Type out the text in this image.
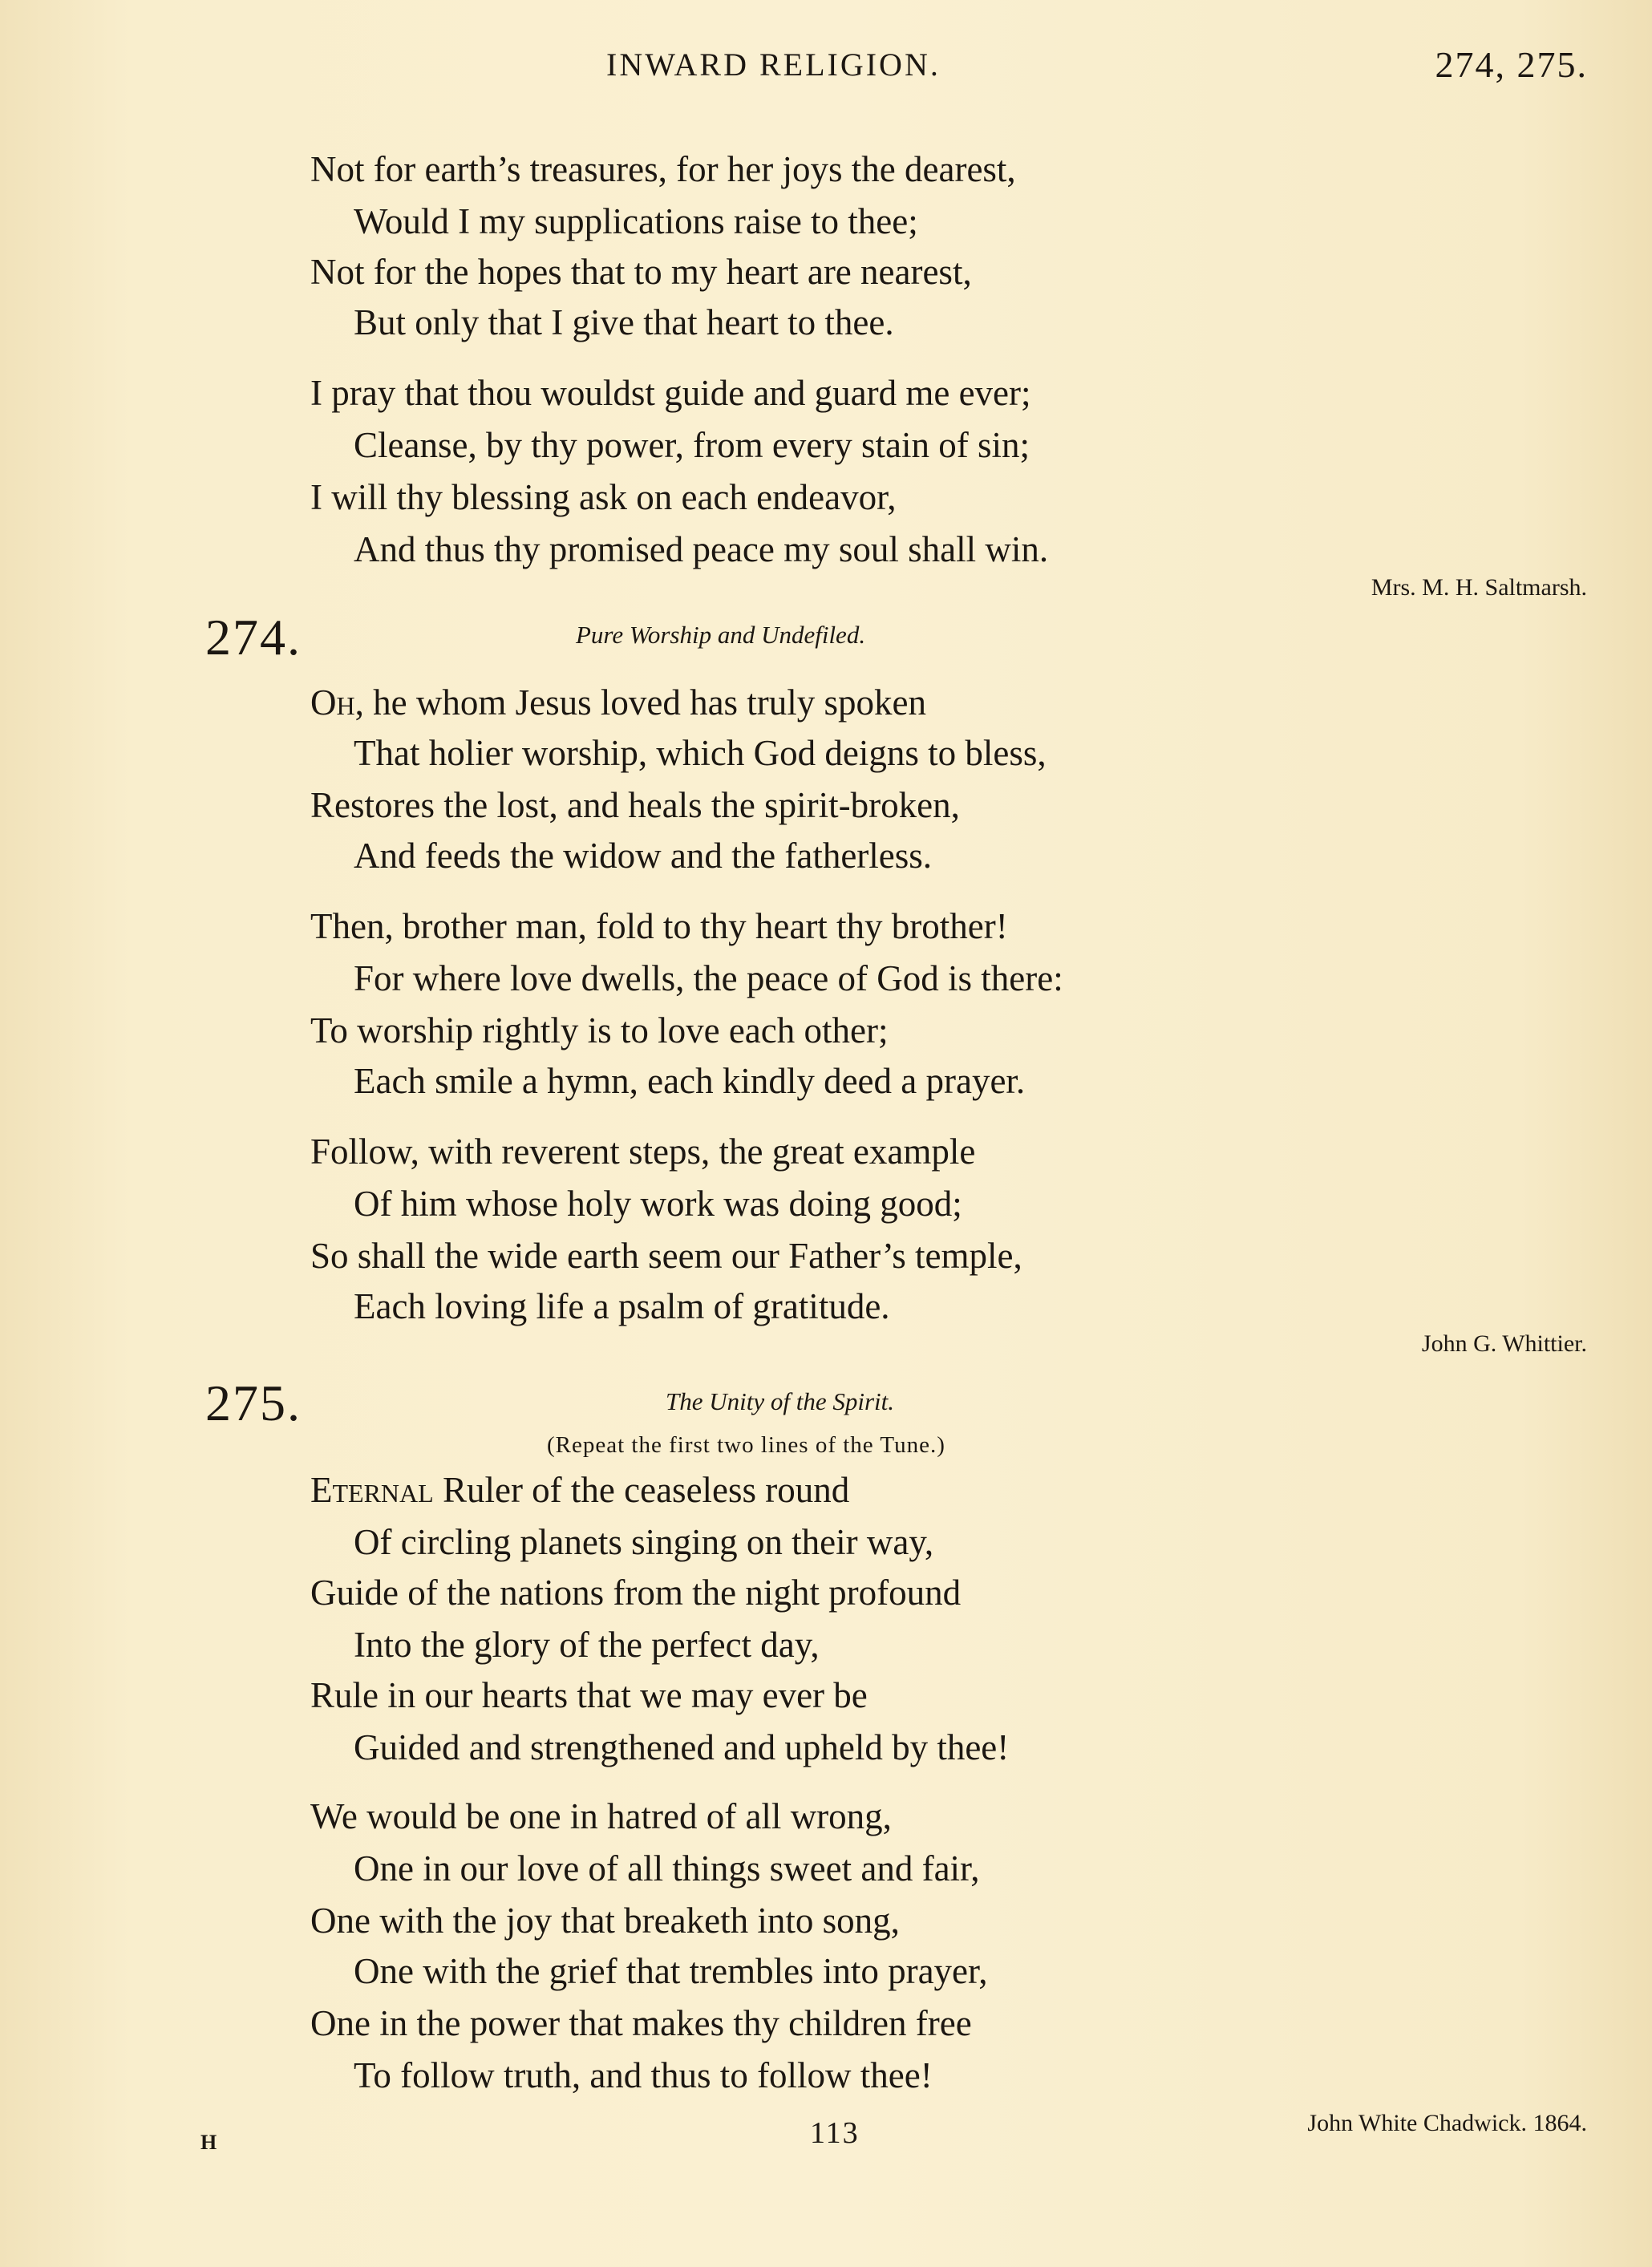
INWARD RELIGION.	274, 275.
Not for earth’s treasures, for her joys the dearest,
Would I my supplications raise to thee;
Not for the hopes that to my heart are nearest,
But only that I give that heart to thee.
I pray that thou wouldst guide and guard me ever;
Cleanse, by thy power, from every stain of sin;
I will thy blessing ask on each endeavor,
And thus thy promised peace my soul shall win.
Mrs. M. H. Saltmarsh.
274.	Pure Worship and Undefiled.
Oh, he whom Jesus loved has truly spoken
That holier worship, which God deigns to bless,
Restores the lost, and heals the spirit-broken,
And feeds the widow and the fatherless.
Then, brother man, fold to thy heart thy brother!
For where love dwells, the peace of God is there:
To worship rightly is to love each other;
Each smile a hymn, each kindly deed a prayer.
Follow, with reverent steps, the great example
Of him whose holy work was doing good;
So shall the wide earth seem our Father’s temple,
Each loving life a psalm of gratitude.
John G. Whittier.
275.	The Unity of the Spirit.
(Repeat the first two lines of the Tune.)
Eternal Ruler of the ceaseless round
Of circling planets singing on their way,
Guide of the nations from the night profound
Into the glory of the perfect day,
Rule in our hearts that we may ever be
Guided and strengthened and upheld by thee!
We would be one in hatred of all wrong,
One in our love of all things sweet and fair,
One with the joy that breaketh into song,
One with the grief that trembles into prayer,
One in the power that makes thy children free
To follow truth, and thus to follow thee!
John White Chadwick. 1864.
H	113
